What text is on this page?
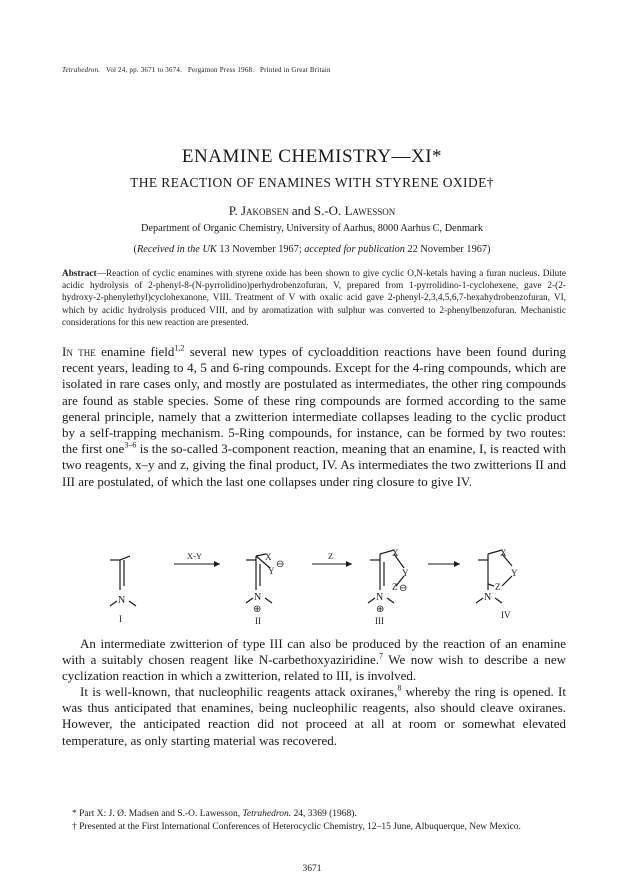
Tetrahedron. Vol 24, pp. 3671 to 3674. Pergamon Press 1968. Printed in Great Britain
ENAMINE CHEMISTRY—XI*
THE REACTION OF ENAMINES WITH STYRENE OXIDE†
P. Jakobsen and S.-O. Lawesson
Department of Organic Chemistry, University of Aarhus, 8000 Aarhus C, Denmark
(Received in the UK 13 November 1967; accepted for publication 22 November 1967)
Abstract—Reaction of cyclic enamines with styrene oxide has been shown to give cyclic O,N-ketals having a furan nucleus. Dilute acidic hydrolysis of 2-phenyl-8-(N-pyrrolidino)perhydrobenzofuran, V, prepared from 1-pyrrolidino-1-cyclohexene, gave 2-(2-hydroxy-2-phenylethyl)cyclohexanone, VIII. Treatment of V with oxalic acid gave 2-phenyl-2,3,4,5,6,7-hexahydrobenzofuran, VI, which by acidic hydrolysis produced VIII, and by aromatization with sulphur was converted to 2-phenylbenzofuran. Mechanistic considerations for this new reaction are presented.
In the enamine field$^{1,2}$ several new types of cycloaddition reactions have been found during recent years, leading to 4, 5 and 6-ring compounds. Except for the 4-ring compounds, which are isolated in rare cases only, and mostly are postulated as intermediates, the other ring compounds are found as stable species. Some of these ring compounds are formed according to the same general principle, namely that a zwitterion intermediate collapses leading to the cyclic product by a self-trapping mechanism. 5-Ring compounds, for instance, can be formed by two routes: the first one$^{3-6}$ is the so-called 3-component reaction, meaning that an enamine, I, is reacted with two reagents, x–y and z, giving the final product, IV. As intermediates the two zwitterions II and III are postulated, of which the last one collapses under ring closure to give IV.
N
I
X-Y	X
Y
⊖
N
⊕
II
Z	X
Y
Z ⊖
N
⊕
III
X
Y
Z
N
IV
An intermediate zwitterion of type III can also be produced by the reaction of an enamine with a suitably chosen reagent like N-carbethoxyaziridine.$^7$ We now wish to describe a new cyclization reaction in which a zwitterion, related to III, is involved.
It is well-known, that nucleophilic reagents attack oxiranes,$^8$ whereby the ring is opened. It was thus anticipated that enamines, being nucleophilic reagents, also should cleave oxiranes. However, the anticipated reaction did not proceed at all at room or somewhat elevated temperature, as only starting material was recovered.

* Part X: J. Ø. Madsen and S.-O. Lawesson, Tetrahedron. 24, 3369 (1968).

† Presented at the First International Conferences of Heterocyclic Chemistry, 12–15 June, Albuquerque, New Mexico.

3671
